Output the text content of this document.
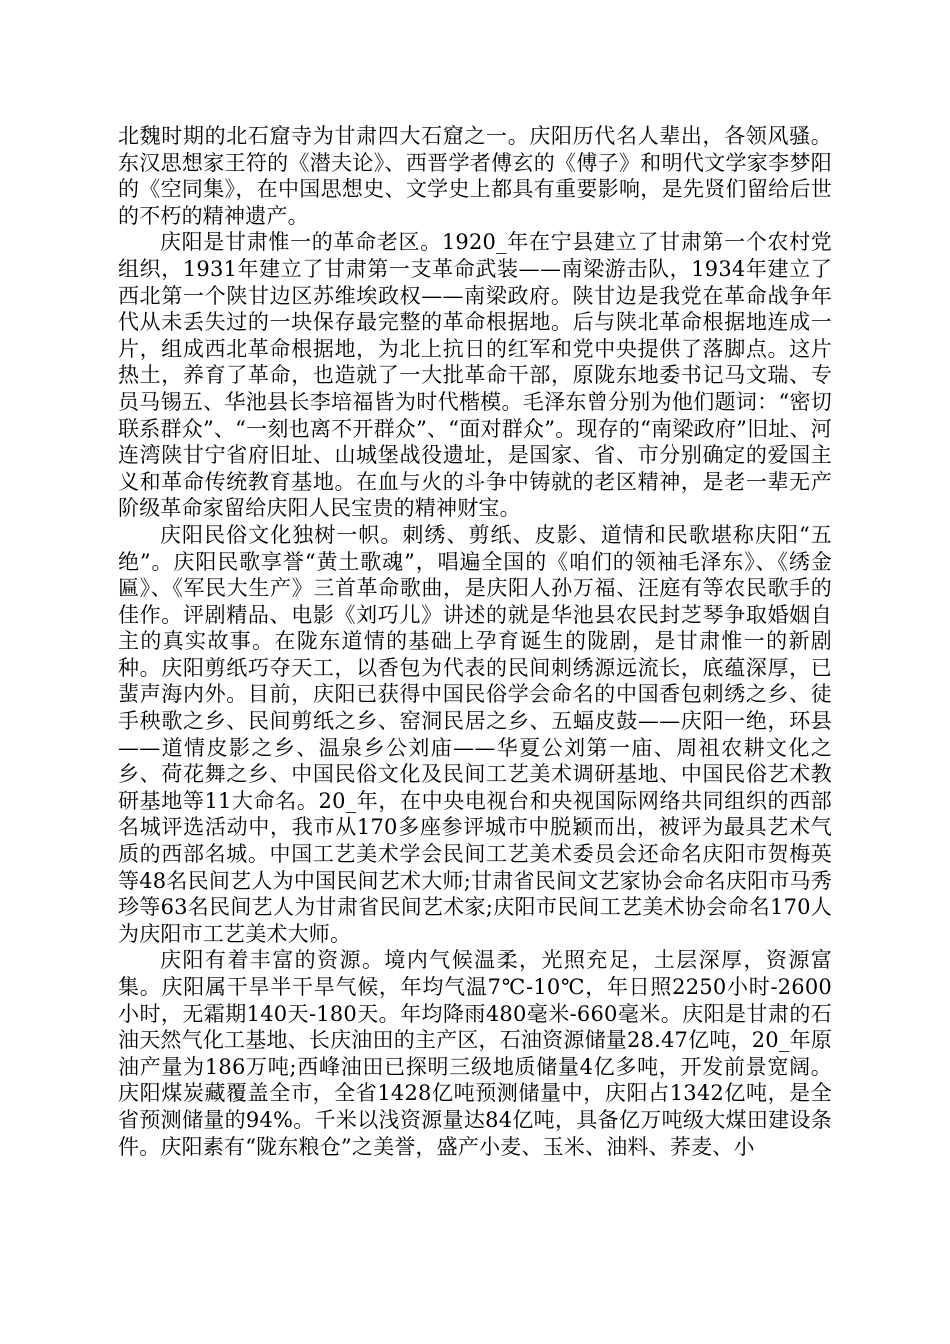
北魏时期的北石窟寺为甘肃四大石窟之一。庆阳历代名人辈出，各领风骚。东汉思想家王符的《潜夫论》、西晋学者傅玄的《傅子》和明代文学家李梦阳的《空同集》，在中国思想史、文学史上都具有重要影响，是先贤们留给后世的不朽的精神遗产。

庆阳是甘肃惟一的革命老区。1920_年在宁县建立了甘肃第一个农村党组织，1931年建立了甘肃第一支革命武装——南梁游击队，1934年建立了西北第一个陕甘边区苏维埃政权——南梁政府。陕甘边是我党在革命战争年代从未丢失过的一块保存最完整的革命根据地。后与陕北革命根据地连成一片，组成西北革命根据地，为北上抗日的红军和党中央提供了落脚点。这片热土，养育了革命，也造就了一大批革命干部，原陇东地委书记马文瑞、专员马锡五、华池县长李培福皆为时代楷模。毛泽东曾分别为他们题词：“密切联系群众”、“一刻也离不开群众”、“面对群众”。现存的“南梁政府”旧址、河连湾陕甘宁省府旧址、山城堡战役遗址，是国家、省、市分别确定的爱国主义和革命传统教育基地。在血与火的斗争中铸就的老区精神，是老一辈无产阶级革命家留给庆阳人民宝贵的精神财宝。

庆阳民俗文化独树一帜。刺绣、剪纸、皮影、道情和民歌堪称庆阳“五绝”。庆阳民歌享誉“黄土歌魂”，唱遍全国的《咱们的领袖毛泽东》、《绣金匾》、《军民大生产》三首革命歌曲，是庆阳人孙万福、汪庭有等农民歌手的佳作。评剧精品、电影《刘巧儿》讲述的就是华池县农民封芝琴争取婚姻自主的真实故事。在陇东道情的基础上孕育诞生的陇剧，是甘肃惟一的新剧种。庆阳剪纸巧夺天工，以香包为代表的民间刺绣源远流长，底蕴深厚，已蜚声海内外。目前，庆阳已获得中国民俗学会命名的中国香包刺绣之乡、徒手秧歌之乡、民间剪纸之乡、窑洞民居之乡、五蝠皮鼓——庆阳一绝，环县——道情皮影之乡、温泉乡公刘庙——华夏公刘第一庙、周祖农耕文化之乡、荷花舞之乡、中国民俗文化及民间工艺美术调研基地、中国民俗艺术教研基地等11大命名。20_年，在中央电视台和央视国际网络共同组织的西部名城评选活动中，我市从170多座参评城市中脱颖而出，被评为最具艺术气质的西部名城。中国工艺美术学会民间工艺美术委员会还命名庆阳市贺梅英等48名民间艺人为中国民间艺术大师;甘肃省民间文艺家协会命名庆阳市马秀珍等63名民间艺人为甘肃省民间艺术家;庆阳市民间工艺美术协会命名170人为庆阳市工艺美术大师。

庆阳有着丰富的资源。境内气候温柔，光照充足，土层深厚，资源富集。庆阳属干旱半干旱气候，年均气温7℃-10℃，年日照2250小时-2600小时，无霜期140天-180天。年均降雨480毫米-660毫米。庆阳是甘肃的石油天然气化工基地、长庆油田的主产区，石油资源储量28.47亿吨，20_年原油产量为186万吨;西峰油田已探明三级地质储量4亿多吨，开发前景宽阔。庆阳煤炭藏覆盖全市，全省1428亿吨预测储量中，庆阳占1342亿吨，是全省预测储量的94%。千米以浅资源量达84亿吨，具备亿万吨级大煤田建设条件。庆阳素有“陇东粮仓”之美誉，盛产小麦、玉米、油料、荞麦、小
